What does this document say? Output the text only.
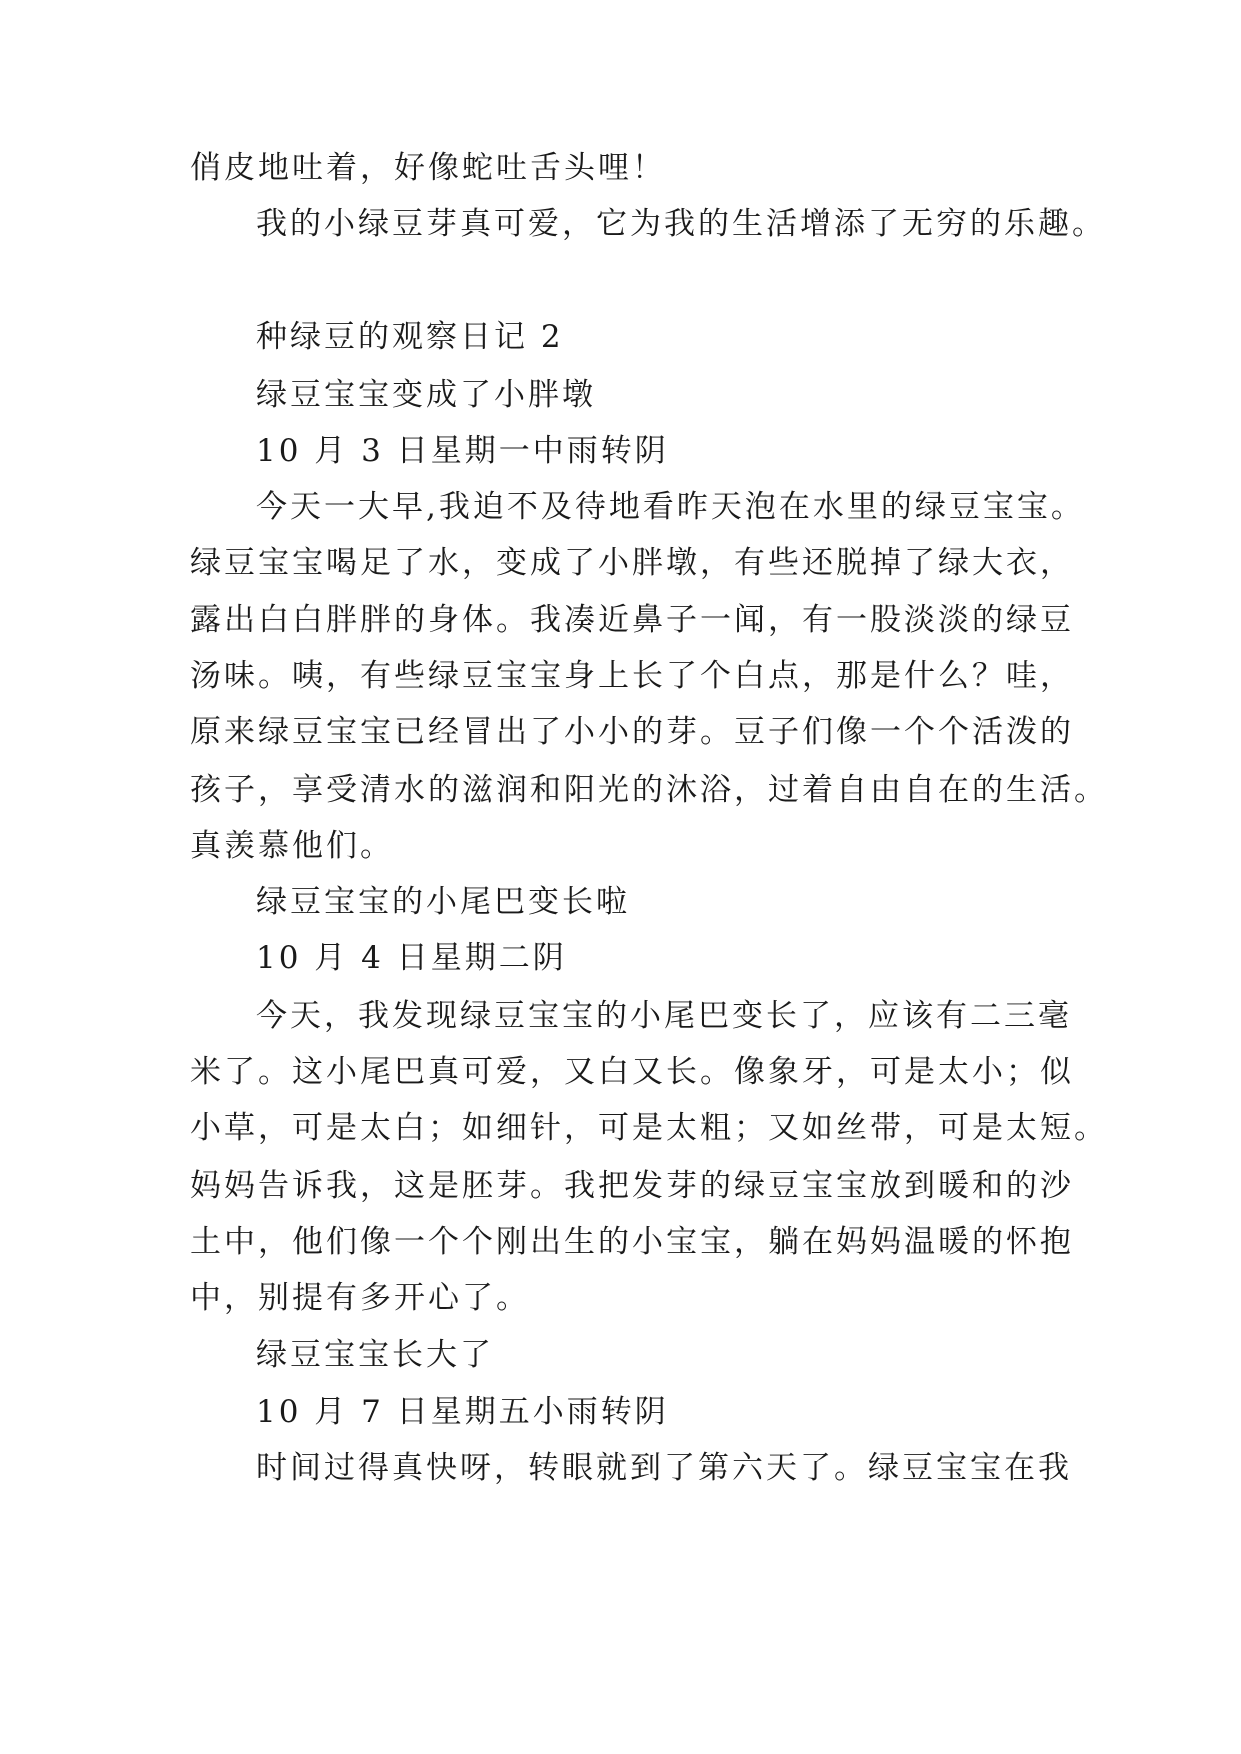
俏皮地吐着，好像蛇吐舌头哩！
我的小绿豆芽真可爱，它为我的生活增添了无穷的乐趣。
种绿豆的观察日记 2
绿豆宝宝变成了小胖墩
10 月 3 日星期一中雨转阴
今天一大早,我迫不及待地看昨天泡在水里的绿豆宝宝。
绿豆宝宝喝足了水，变成了小胖墩，有些还脱掉了绿大衣，
露出白白胖胖的身体。我凑近鼻子一闻，有一股淡淡的绿豆
汤味。咦，有些绿豆宝宝身上长了个白点，那是什么？哇，
原来绿豆宝宝已经冒出了小小的芽。豆子们像一个个活泼的
孩子，享受清水的滋润和阳光的沐浴，过着自由自在的生活。
真羡慕他们。
绿豆宝宝的小尾巴变长啦
10 月 4 日星期二阴
今天，我发现绿豆宝宝的小尾巴变长了，应该有二三毫
米了。这小尾巴真可爱，又白又长。像象牙，可是太小；似
小草，可是太白；如细针，可是太粗；又如丝带，可是太短。
妈妈告诉我，这是胚芽。我把发芽的绿豆宝宝放到暖和的沙
土中，他们像一个个刚出生的小宝宝，躺在妈妈温暖的怀抱
中，别提有多开心了。
绿豆宝宝长大了
10 月 7 日星期五小雨转阴
时间过得真快呀，转眼就到了第六天了。绿豆宝宝在我
